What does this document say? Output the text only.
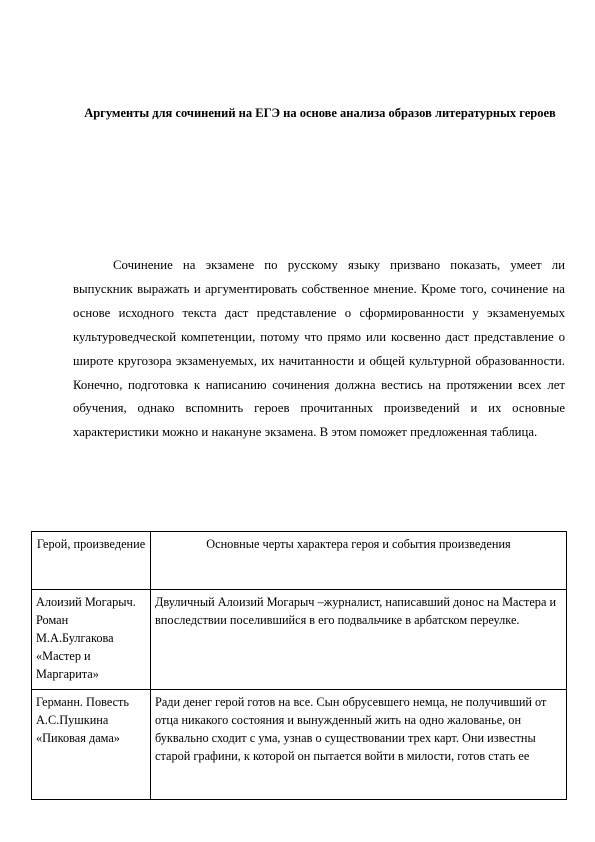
Аргументы для сочинений на ЕГЭ на основе анализа образов литературных героев

Сочинение на экзамене по русскому языку призвано показать, умеет ли выпускник выражать и аргументировать собственное мнение. Кроме того, сочинение на основе исходного текста даст представление о сформированности у экзаменуемых культуроведческой компетенции, потому что прямо или косвенно даст представление о широте кругозора экзаменуемых, их начитанности и общей культурной образованности. Конечно, подготовка к написанию сочинения должна вестись на протяжении всех лет обучения, однако вспомнить героев прочитанных произведений и их основные характеристики можно и накануне экзамена. В этом поможет предложенная таблица.

Герой, произведение	Основные черты характера героя и события произведения
Алоизий Могарыч. Роман М.А.Булгакова «Мастер и Маргарита»	Двуличный Алоизий Могарыч –журналист, написавший донос на Мастера и впоследствии поселившийся в его подвальчике в арбатском переулке.
Германн. Повесть А.С.Пушкина «Пиковая дама»	Ради денег герой готов на все. Сын обрусевшего немца, не получивший от отца никакого состояния и вынужденный жить на одно жалованье, он буквально сходит с ума, узнав о существовании трех карт. Они известны старой графини, к которой он пытается войти в милости, готов стать ее
